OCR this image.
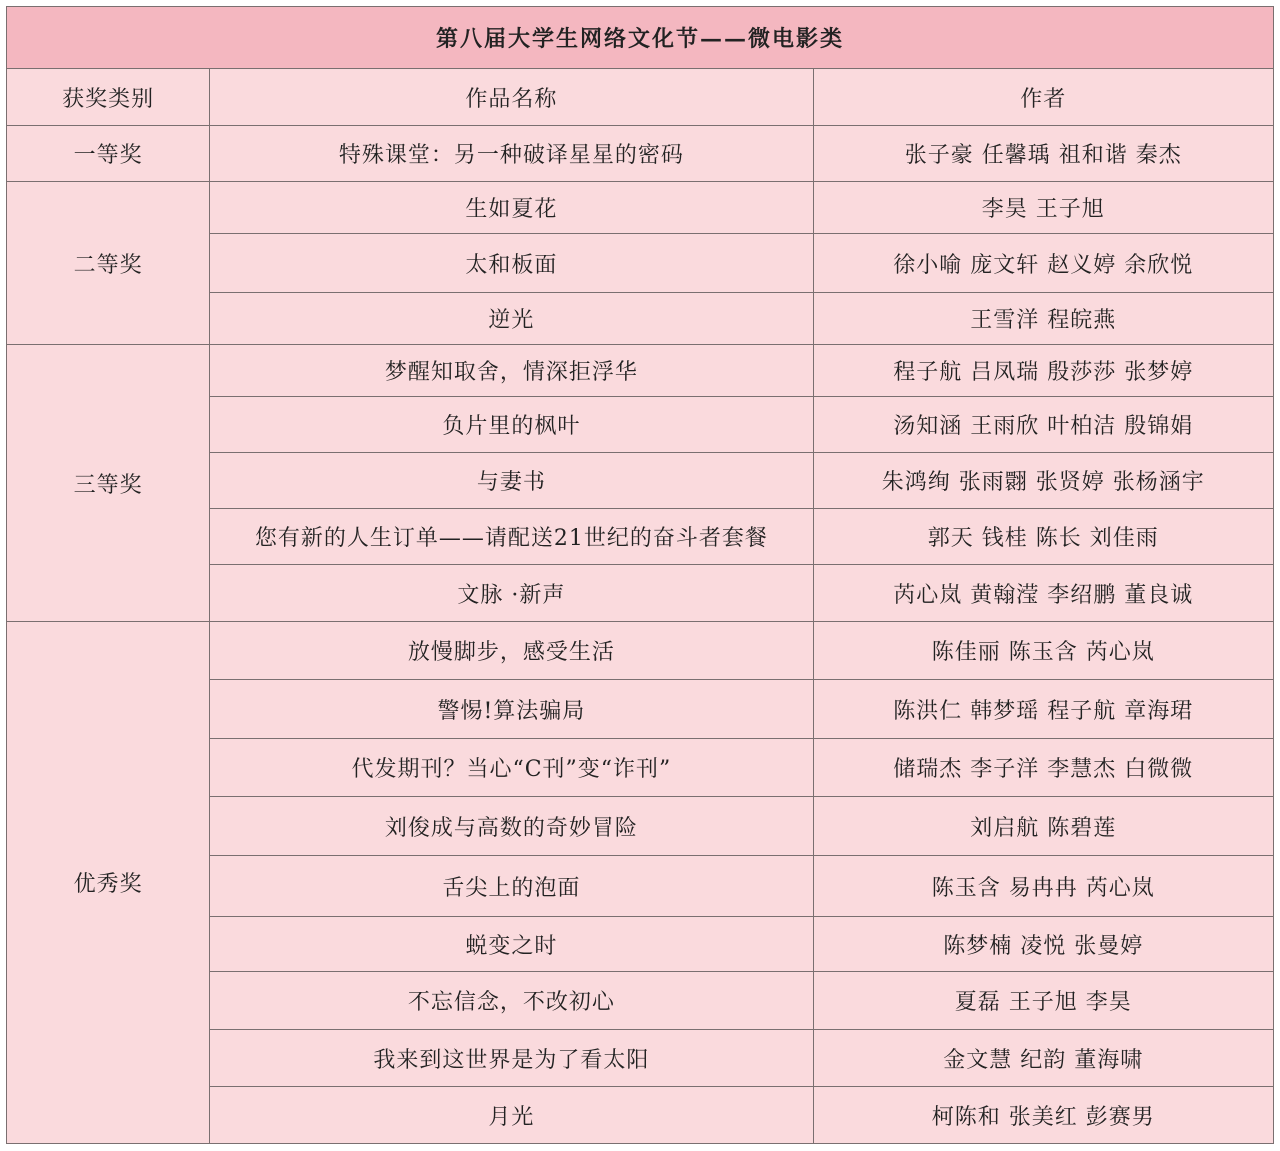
第八届大学生网络文化节——微电影类		
获奖类别	作品名称	作者
一等奖	特殊课堂：另一种破译星星的密码	张子豪 任馨瑀 祖和谐 秦杰
二等奖	生如夏花	李昊 王子旭
	太和板面	徐小喻 庞文轩 赵义婷 余欣悦
	逆光	王雪洋 程皖燕
三等奖	梦醒知取舍，情深拒浮华	程子航 吕凤瑞 殷莎莎 张梦婷
	负片里的枫叶	汤知涵 王雨欣 叶柏洁 殷锦娟
	与妻书	朱鸿绚 张雨翾 张贤婷 张杨涵宇
	您有新的人生订单——请配送21世纪的奋斗者套餐	郭天 钱桂 陈长 刘佳雨
	文脉 ·新声	芮心岚 黄翰滢 李绍鹏 董良诚
优秀奖	放慢脚步，感受生活	陈佳丽 陈玉含 芮心岚
	警惕!算法骗局	陈洪仁 韩梦瑶 程子航 章海珺
	代发期刊？当心“C刊”变“诈刊”	储瑞杰 李子洋 李慧杰 白微微
	刘俊成与高数的奇妙冒险	刘启航 陈碧莲
	舌尖上的泡面	陈玉含 易冉冉 芮心岚
	蜕变之时	陈梦楠 凌悦 张曼婷
	不忘信念，不改初心	夏磊 王子旭 李昊
	我来到这世界是为了看太阳	金文慧 纪韵 董海啸
	月光	柯陈和 张美红 彭赛男
